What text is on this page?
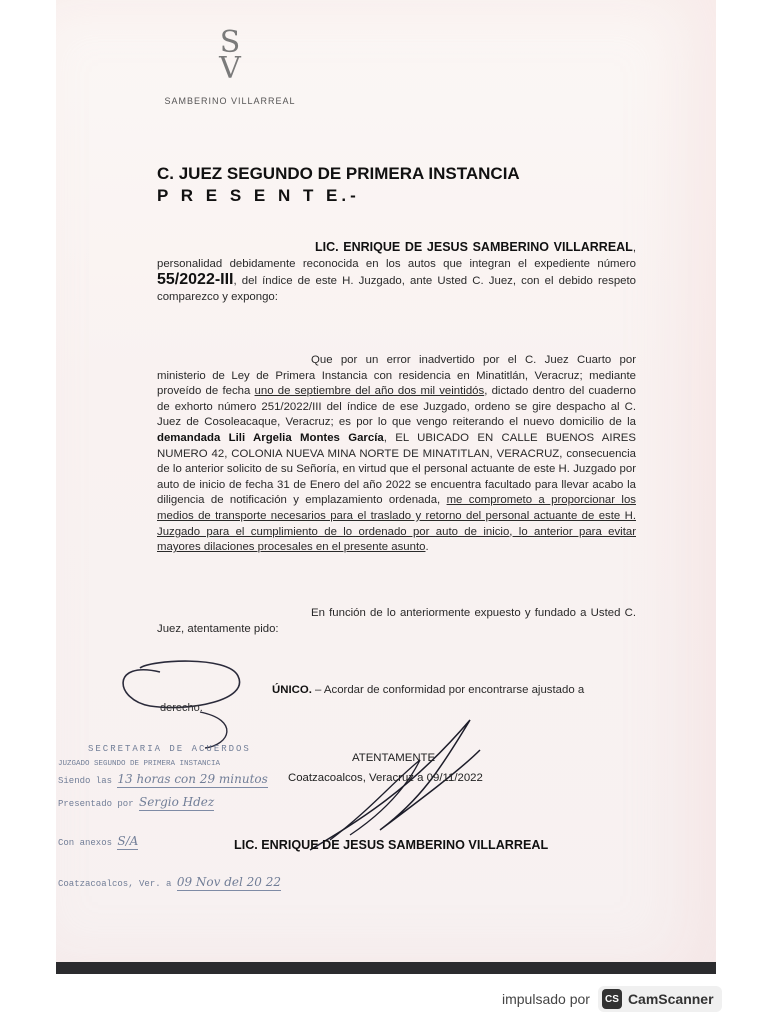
S
V
SAMBERINO VILLARREAL
C. JUEZ SEGUNDO DE PRIMERA INSTANCIA
P R E S E N T E.-
LIC. ENRIQUE DE JESUS SAMBERINO VILLARREAL, personalidad debidamente reconocida en los autos que integran el expediente número 55/2022-III, del índice de este H. Juzgado, ante Usted C. Juez, con el debido respeto comparezco y expongo:
Que por un error inadvertido por el C. Juez Cuarto por ministerio de Ley de Primera Instancia con residencia en Minatitlán, Veracruz; mediante proveído de fecha uno de septiembre del año dos mil veintidós, dictado dentro del cuaderno de exhorto número 251/2022/III del índice de ese Juzgado, ordeno se gire despacho al C. Juez de Cosoleacaque, Veracruz; es por lo que vengo reiterando el nuevo domicilio de la demandada Lili Argelia Montes García, EL UBICADO EN CALLE BUENOS AIRES NUMERO 42, COLONIA NUEVA MINA NORTE DE MINATITLAN, VERACRUZ, consecuencia de lo anterior solicito de su Señoría, en virtud que el personal actuante de este H. Juzgado por auto de inicio de fecha 31 de Enero del año 2022 se encuentra facultado para llevar acabo la diligencia de notificación y emplazamiento ordenada, me comprometo a proporcionar los medios de transporte necesarios para el traslado y retorno del personal actuante de este H. Juzgado para el cumplimiento de lo ordenado por auto de inicio, lo anterior para evitar mayores dilaciones procesales en el presente asunto.
En función de lo anteriormente expuesto y fundado a Usted C. Juez, atentamente pido:
ÚNICO. – Acordar de conformidad por encontrarse ajustado a
derecho.
ATENTAMENTE
Coatzacoalcos, Veracruz a 09/11/2022
LIC. ENRIQUE DE JESUS SAMBERINO VILLARREAL
SECRETARIA DE ACUERDOS
JUZGADO SEGUNDO DE PRIMERA INSTANCIA
Siendo las 13 horas con 29 minutos
Presentado por Sergio Hdez
Con anexos S/A
Coatzacoalcos, Ver. a 09 Nov del 20 22
impulsado por	CS CamScanner
